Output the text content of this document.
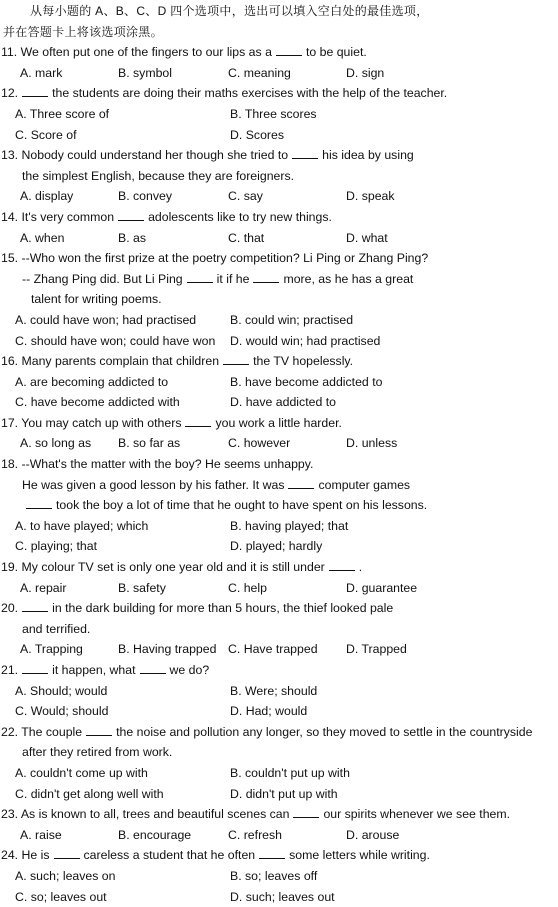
从每小题的 A、B、C、D 四个选项中，选出可以填入空白处的最佳选项，
并在答题卡上将该选项涂黑。
11. We often put one of the fingers to our lips as a	to be quiet.
A. mark	B. symbol	C. meaning	D. sign
12.	the students are doing their maths exercises with the help of the teacher.
A. Three score of	B. Three scores
C. Score of	D. Scores
13. Nobody could understand her though she tried to	his idea by using
the simplest English, because they are foreigners.
A. display	B. convey	C. say	D. speak
14. It's very common	adolescents like to try new things.
A. when	B. as	C. that	D. what
15. --Who won the first prize at the poetry competition? Li Ping or Zhang Ping?
-- Zhang Ping did. But Li Ping	it if he	more, as he has a great
talent for writing poems.
A. could have won; had practised	B. could win; practised
C. should have won; could have won	D. would win; had practised
16. Many parents complain that children	the TV hopelessly.
A. are becoming addicted to	B. have become addicted to
C. have become addicted with	D. have addicted to
17. You may catch up with others	you work a little harder.
A. so long as	B. so far as	C. however	D. unless
18. --What's the matter with the boy? He seems unhappy.
He was given a good lesson by his father. It was	computer games
took the boy a lot of time that he ought to have spent on his lessons.
A. to have played; which	B. having played; that
C. playing; that	D. played; hardly
19. My colour TV set is only one year old and it is still under	.
A. repair	B. safety	C. help	D. guarantee
20.	in the dark building for more than 5 hours, the thief looked pale
and terrified.
A. Trapping	B. Having trapped C. Have trapped	D. Trapped
21.	it happen, what	we do?
A. Should; would	B. Were; should
C. Would; should	D. Had; would
22. The couple	the noise and pollution any longer, so they moved to settle in the countryside
after they retired from work.
A. couldn't come up with	B. couldn't put up with
C. didn't get along well with	D. didn't put up with
23. As is known to all, trees and beautiful scenes can	our spirits whenever we see them.
A. raise	B. encourage	C. refresh	D. arouse
24. He is	careless a student that he often	some letters while writing.
A. such; leaves on	B. so; leaves off
C. so; leaves out	D. such; leaves out
